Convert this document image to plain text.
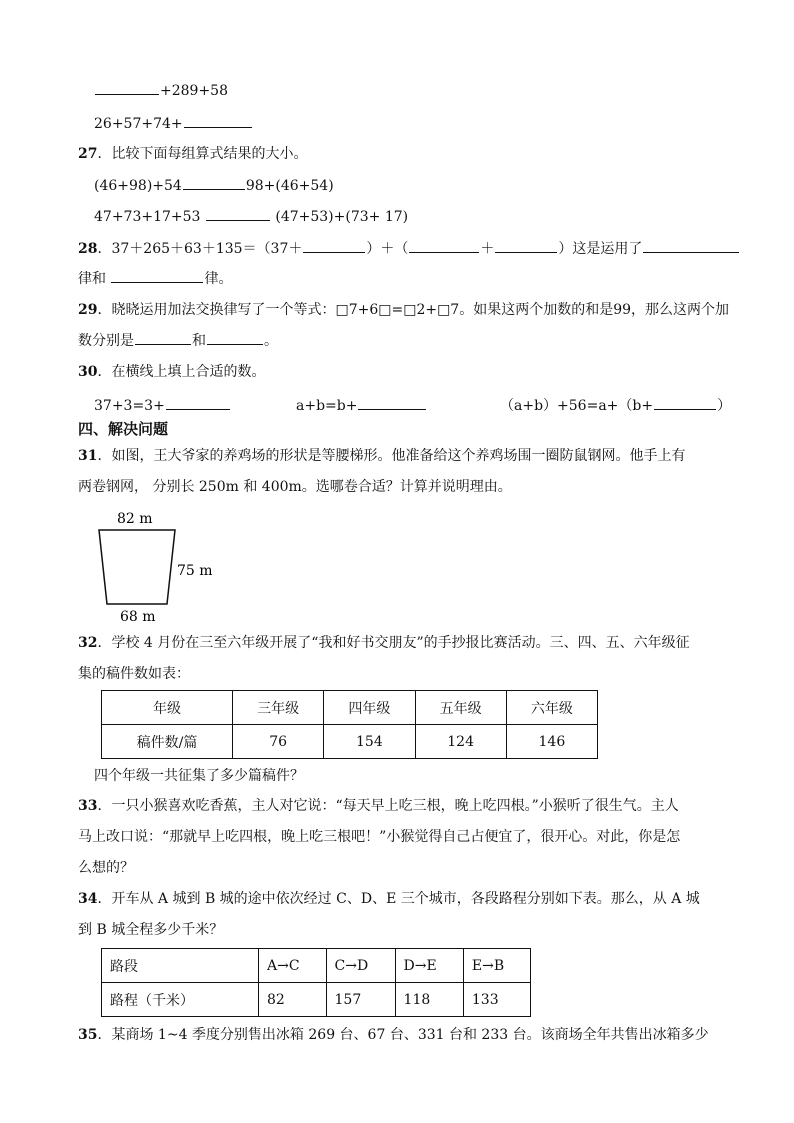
+289+58
26+57+74+
27．比较下面每组算式结果的大小。
(46+98)+54	98+(46+54)
47+73+17+53	(47+53)+(73+ 17)
28．37＋265＋63＋135＝（37＋	）＋（	＋	）这是运用了
律和	律。
29．晓晓运用加法交换律写了一个等式：□7+6□=□2+□7。如果这两个加数的和是99，那么这两个加
数分别是	和	。
30．在横线上填上合适的数。
37+3=3+	a+b=b+	（a+b）+56=a+（b+	）
四、解决问题
31．如图，王大爷家的养鸡场的形状是等腰梯形。他准备给这个养鸡场围一圈防鼠钢网。他手上有
两卷钢网， 分别长 250m 和 400m。选哪卷合适？计算并说明理由。
82 m
75 m
68 m
32．学校 4 月份在三至六年级开展了“我和好书交朋友”的手抄报比赛活动。三、四、五、六年级征
集的稿件数如表：
年级	三年级	四年级	五年级	六年级
稿件数/篇	76	154	124	146
四个年级一共征集了多少篇稿件？
33．一只小猴喜欢吃香蕉，主人对它说：“每天早上吃三根，晚上吃四根。”小猴听了很生气。主人
马上改口说：“那就早上吃四根，晚上吃三根吧！”小猴觉得自己占便宜了，很开心。对此，你是怎
么想的？
34．开车从 A 城到 B 城的途中依次经过 C、D、E 三个城市，各段路程分别如下表。那么，从 A 城
到 B 城全程多少千米？
路段	A→C	C→D	D→E	E→B
路程（千米）	82	157	118	133
35．某商场 1~4 季度分别售出冰箱 269 台、67 台、331 台和 233 台。该商场全年共售出冰箱多少
